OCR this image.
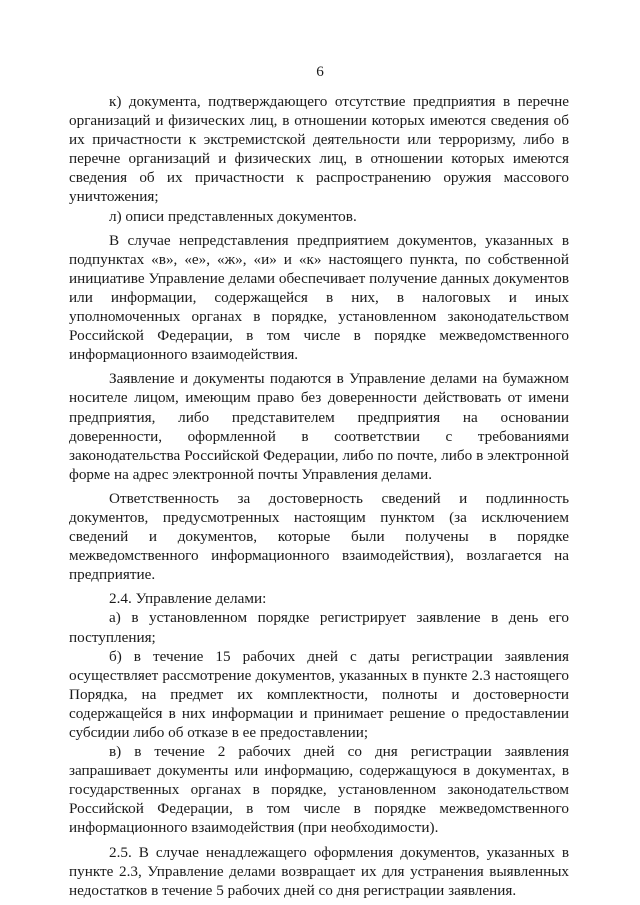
6

к) документа, подтверждающего отсутствие предприятия в перечне организаций и физических лиц, в отношении которых имеются сведения об их причастности к экстремистской деятельности или терроризму, либо в перечне организаций и физических лиц, в отношении которых имеются сведения об их причастности к распространению оружия массового уничтожения;

л) описи представленных документов.

В случае непредставления предприятием документов, указанных в подпунктах «в», «е», «ж», «и» и «к» настоящего пункта, по собственной инициативе Управление делами обеспечивает получение данных документов или информации, содержащейся в них, в налоговых и иных уполномоченных органах в порядке, установленном законодательством Российской Федерации, в том числе в порядке межведомственного информационного взаимодействия.

Заявление и документы подаются в Управление делами на бумажном носителе лицом, имеющим право без доверенности действовать от имени предприятия, либо представителем предприятия на основании доверенности, оформленной в соответствии с требованиями законодательства Российской Федерации, либо по почте, либо в электронной форме на адрес электронной почты Управления делами.

Ответственность за достоверность сведений и подлинность документов, предусмотренных настоящим пунктом (за исключением сведений и документов, которые были получены в порядке межведомственного информационного взаимодействия), возлагается на предприятие.

2.4. Управление делами:

а) в установленном порядке регистрирует заявление в день его поступления;

б) в течение 15 рабочих дней с даты регистрации заявления осуществляет рассмотрение документов, указанных в пункте 2.3 настоящего Порядка, на предмет их комплектности, полноты и достоверности содержащейся в них информации и принимает решение о предоставлении субсидии либо об отказе в ее предоставлении;

в) в течение 2 рабочих дней со дня регистрации заявления запрашивает документы или информацию, содержащуюся в документах, в государственных органах в порядке, установленном законодательством Российской Федерации, в том числе в порядке межведомственного информационного взаимодействия (при необходимости).

2.5. В случае ненадлежащего оформления документов, указанных в пункте 2.3, Управление делами возвращает их для устранения выявленных недостатков в течение 5 рабочих дней со дня регистрации заявления.
